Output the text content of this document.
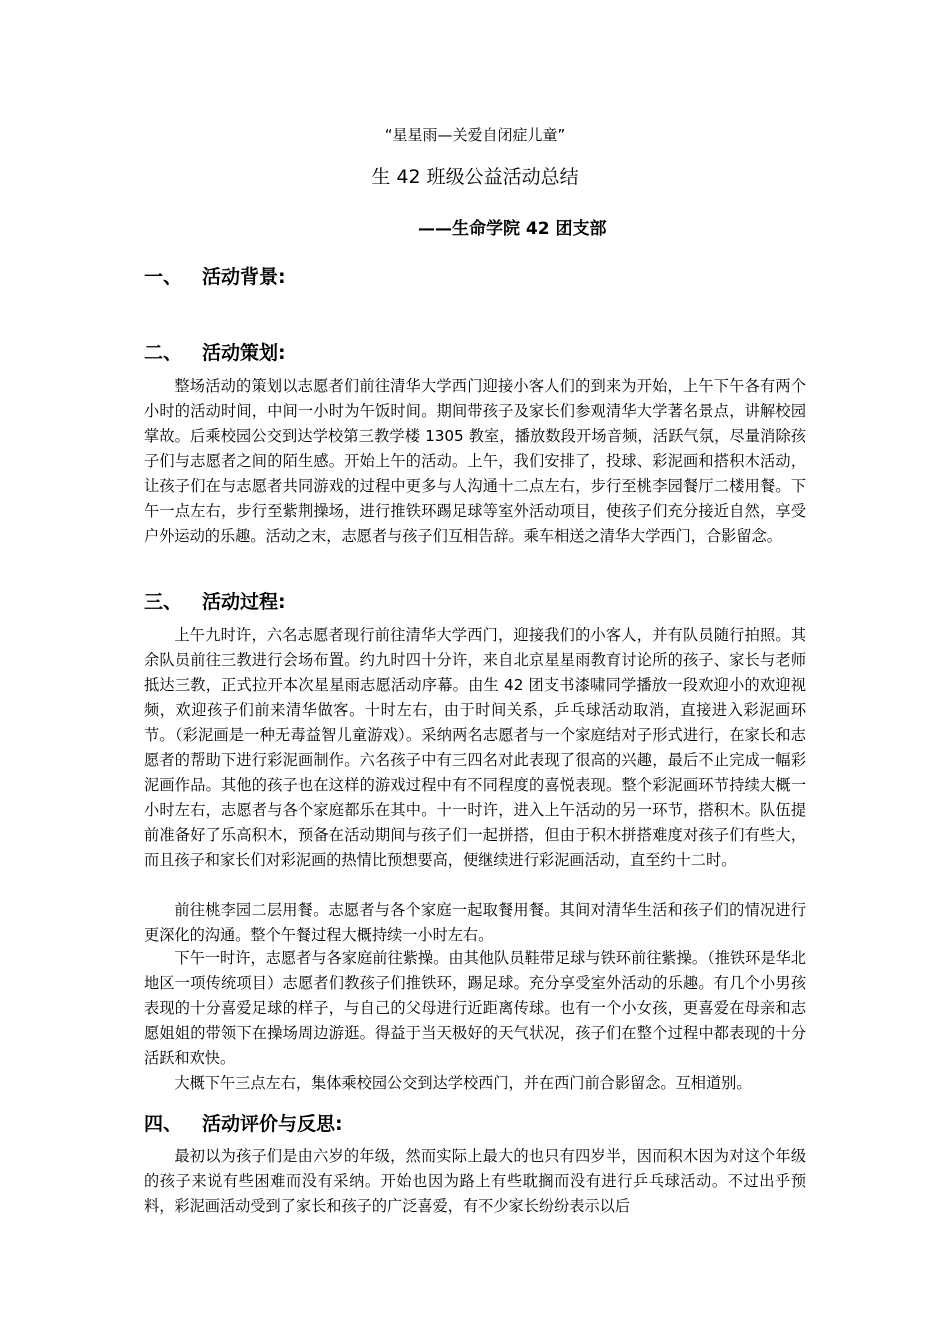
“星星雨—关爱自闭症儿童”
生 42 班级公益活动总结
——生命学院 42 团支部
一、 活动背景:
二、 活动策划:
整场活动的策划以志愿者们前往清华大学西门迎接小客人们的到来为开始，上午下午各有两个小时的活动时间，中间一小时为午饭时间。期间带孩子及家长们参观清华大学著名景点，讲解校园掌故。后乘校园公交到达学校第三教学楼 1305 教室，播放数段开场音频，活跃气氛，尽量消除孩子们与志愿者之间的陌生感。开始上午的活动。上午，我们安排了，投球、彩泥画和搭积木活动，让孩子们在与志愿者共同游戏的过程中更多与人沟通十二点左右，步行至桃李园餐厅二楼用餐。下午一点左右，步行至紫荆操场，进行推铁环踢足球等室外活动项目，使孩子们充分接近自然，享受户外运动的乐趣。活动之末，志愿者与孩子们互相告辞。乘车相送之清华大学西门，合影留念。
三、 活动过程:
上午九时许，六名志愿者现行前往清华大学西门，迎接我们的小客人，并有队员随行拍照。其余队员前往三教进行会场布置。约九时四十分许，来自北京星星雨教育讨论所的孩子、家长与老师抵达三教，正式拉开本次星星雨志愿活动序幕。由生 42 团支书漆啸同学播放一段欢迎小的欢迎视频，欢迎孩子们前来清华做客。十时左右，由于时间关系，乒乓球活动取消，直接进入彩泥画环节。（彩泥画是一种无毒益智儿童游戏）。采纳两名志愿者与一个家庭结对子形式进行，在家长和志愿者的帮助下进行彩泥画制作。六名孩子中有三四名对此表现了很高的兴趣，最后不止完成一幅彩泥画作品。其他的孩子也在这样的游戏过程中有不同程度的喜悦表现。整个彩泥画环节持续大概一小时左右，志愿者与各个家庭都乐在其中。十一时许，进入上午活动的另一环节，搭积木。队伍提前准备好了乐高积木，预备在活动期间与孩子们一起拼搭，但由于积木拼搭难度对孩子们有些大，而且孩子和家长们对彩泥画的热情比预想要高，便继续进行彩泥画活动，直至约十二时。
前往桃李园二层用餐。志愿者与各个家庭一起取餐用餐。其间对清华生活和孩子们的情况进行更深化的沟通。整个午餐过程大概持续一小时左右。
下午一时许，志愿者与各家庭前往紫操。由其他队员鞋带足球与铁环前往紫操。（推铁环是华北地区一项传统项目）志愿者们教孩子们推铁环，踢足球。充分享受室外活动的乐趣。有几个小男孩表现的十分喜爱足球的样子，与自己的父母进行近距离传球。也有一个小女孩，更喜爱在母亲和志愿姐姐的带领下在操场周边游逛。得益于当天极好的天气状况，孩子们在整个过程中都表现的十分活跃和欢快。
大概下午三点左右，集体乘校园公交到达学校西门，并在西门前合影留念。互相道别。
四、 活动评价与反思:
最初以为孩子们是由六岁的年级，然而实际上最大的也只有四岁半，因而积木因为对这个年级的孩子来说有些困难而没有采纳。开始也因为路上有些耽搁而没有进行乒乓球活动。不过出乎预料，彩泥画活动受到了家长和孩子的广泛喜爱，有不少家长纷纷表示以后
